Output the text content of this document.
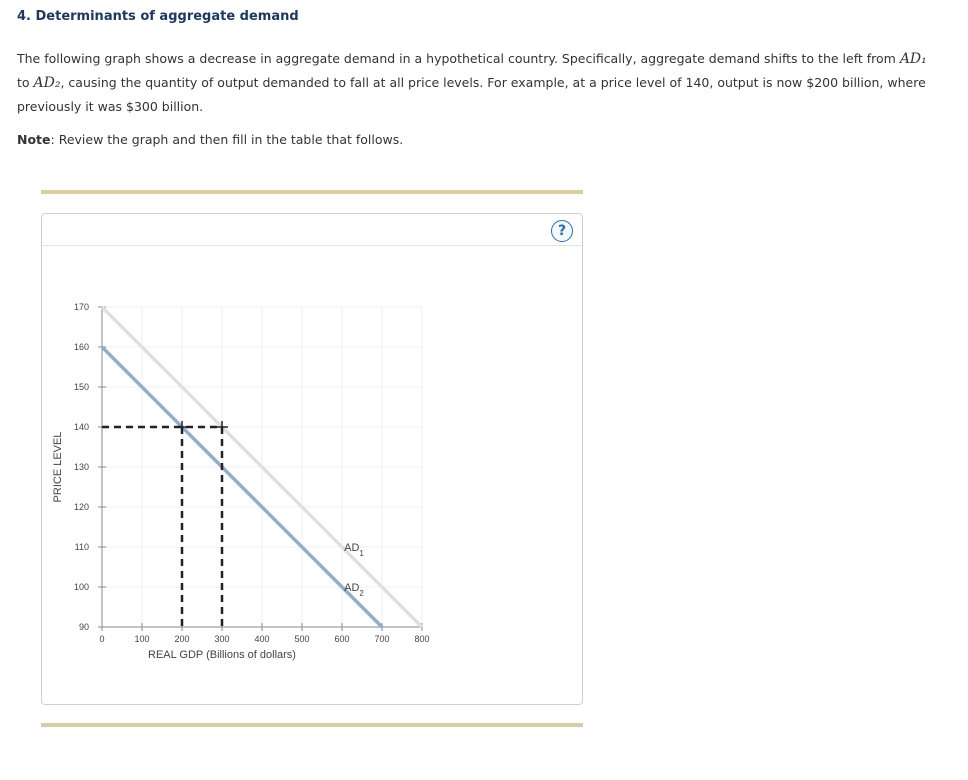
4. Determinants of aggregate demand
The following graph shows a decrease in aggregate demand in a hypothetical country. Specifically, aggregate demand shifts to the left from AD₁ to AD₂, causing the quantity of output demanded to fall at all price levels. For example, at a price level of 140, output is now $200 billion, where previously it was $300 billion.
Note: Review the graph and then fill in the table that follows.
?
90
100
110
120
130
140
150
160
170
0	100	200	300	400	500	600	700	800
REAL GDP (Billions of dollars)
PRICE LEVEL
$AD_1$
$AD_2$
